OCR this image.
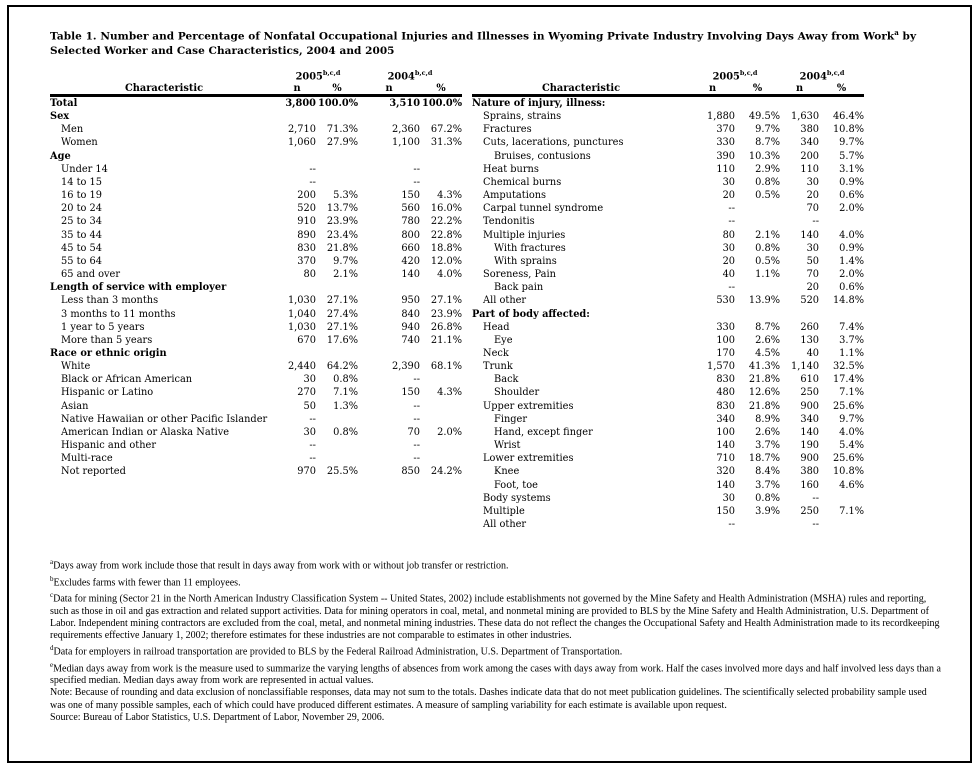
Table 1. Number and Percentage of Nonfatal Occupational Injuries and Illnesses in Wyoming Private Industry Involving Days Away from Work$^a$ by Selected Worker and Case Characteristics, 2004 and 2005
	2005$^{b,c,d}$		2004$^{b,c,d}$
Characteristic	n	%	n	%
Total	3,800	100.0%	3,510	100.0%
Sex				
Men	2,710	71.3%	2,360	67.2%
Women	1,060	27.9%	1,100	31.3%
Age				
Under 14	--		--	
14 to 15	--		--	
16 to 19	200	5.3%	150	4.3%
20 to 24	520	13.7%	560	16.0%
25 to 34	910	23.9%	780	22.2%
35 to 44	890	23.4%	800	22.8%
45 to 54	830	21.8%	660	18.8%
55 to 64	370	9.7%	420	12.0%
65 and over	80	2.1%	140	4.0%
Length of service with employer				
Less than 3 months	1,030	27.1%	950	27.1%
3 months to 11 months	1,040	27.4%	840	23.9%
1 year to 5 years	1,030	27.1%	940	26.8%
More than 5 years	670	17.6%	740	21.1%
Race or ethnic origin				
White	2,440	64.2%	2,390	68.1%
Black or African American	30	0.8%	--	
Hispanic or Latino	270	7.1%	150	4.3%
Asian	50	1.3%	--	
Native Hawaiian or other Pacific Islander	--		--	
American Indian or Alaska Native	30	0.8%	70	2.0%
Hispanic and other	--		--	
Multi-race	--		--	
Not reported	970	25.5%	850	24.2%
	2005$^{b,c,d}$		2004$^{b,c,d}$
Characteristic	n	%	n	%
Nature of injury, illness:				
Sprains, strains	1,880	49.5%	1,630	46.4%
Fractures	370	9.7%	380	10.8%
Cuts, lacerations, punctures	330	8.7%	340	9.7%
Bruises, contusions	390	10.3%	200	5.7%
Heat burns	110	2.9%	110	3.1%
Chemical burns	30	0.8%	30	0.9%
Amputations	20	0.5%	20	0.6%
Carpal tunnel syndrome	--		70	2.0%
Tendonitis	--		--	
Multiple injuries	80	2.1%	140	4.0%
With fractures	30	0.8%	30	0.9%
With sprains	20	0.5%	50	1.4%
Soreness, Pain	40	1.1%	70	2.0%
Back pain	--		20	0.6%
All other	530	13.9%	520	14.8%
Part of body affected:				
Head	330	8.7%	260	7.4%
Eye	100	2.6%	130	3.7%
Neck	170	4.5%	40	1.1%
Trunk	1,570	41.3%	1,140	32.5%
Back	830	21.8%	610	17.4%
Shoulder	480	12.6%	250	7.1%
Upper extremities	830	21.8%	900	25.6%
Finger	340	8.9%	340	9.7%
Hand, except finger	100	2.6%	140	4.0%
Wrist	140	3.7%	190	5.4%
Lower extremities	710	18.7%	900	25.6%
Knee	320	8.4%	380	10.8%
Foot, toe	140	3.7%	160	4.6%
Body systems	30	0.8%	--	
Multiple	150	3.9%	250	7.1%
All other	--		--	
$^a$Days away from work include those that result in days away from work with or without job transfer or restriction.
$^b$Excludes farms with fewer than 11 employees.
$^c$Data for mining (Sector 21 in the North American Industry Classification System -- United States, 2002) include establishments not governed by the Mine Safety and Health Administration (MSHA) rules and reporting, such as those in oil and gas extraction and related support activities. Data for mining operators in coal, metal, and nonmetal mining are provided to BLS by the Mine Safety and Health Administration, U.S. Department of Labor. Independent mining contractors are excluded from the coal, metal, and nonmetal mining industries. These data do not reflect the changes the Occupational Safety and Health Administration made to its recordkeeping requirements effective January 1, 2002; therefore estimates for these industries are not comparable to estimates in other industries.
$^d$Data for employers in railroad transportation are provided to BLS by the Federal Railroad Administration, U.S. Department of Transportation.
$^e$Median days away from work is the measure used to summarize the varying lengths of absences from work among the cases with days away from work. Half the cases involved more days and half involved less days than a specified median. Median days away from work are represented in actual values.
Note: Because of rounding and data exclusion of nonclassifiable responses, data may not sum to the totals. Dashes indicate data that do not meet publication guidelines. The scientifically selected probability sample used was one of many possible samples, each of which could have produced different estimates. A measure of sampling variability for each estimate is available upon request.
Source: Bureau of Labor Statistics, U.S. Department of Labor, November 29, 2006.
